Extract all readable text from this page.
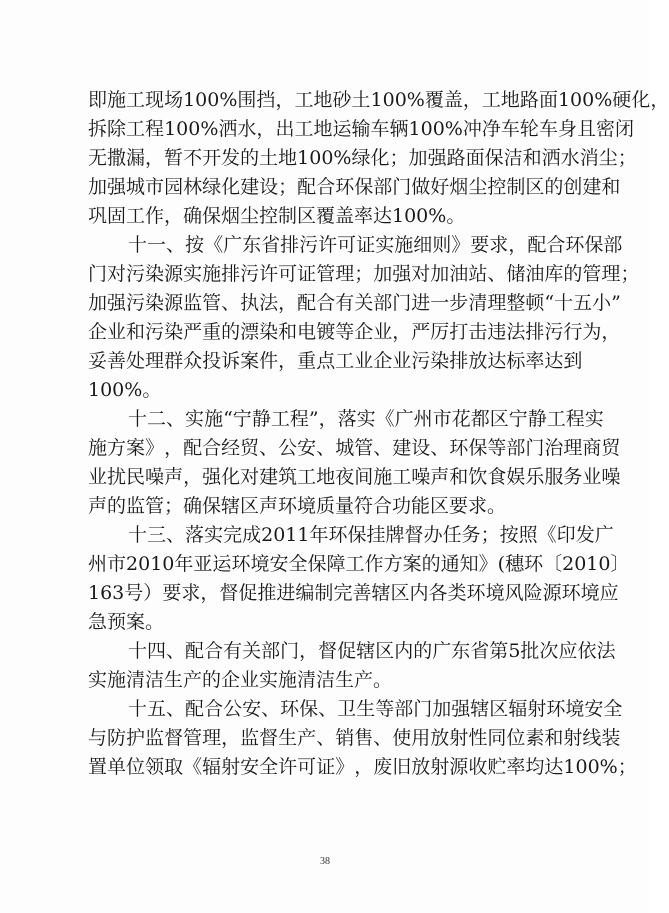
即 施 工 现 场 100% 围 挡 ， 工 地 砂 土 100% 覆 盖 ， 工 地 路 面 100% 硬 化 ，
拆 除 工 程 100% 洒 水 ， 出 工 地 运 输 车 辆 100% 冲 净 车 轮 车 身 且 密 闭
无 撒 漏 ， 暂 不 开 发 的 土 地 100% 绿 化 ； 加 强 路 面 保 洁 和 洒 水 消 尘 ；
加 强 城 市 园 林 绿 化 建 设 ； 配 合 环 保 部 门 做 好 烟 尘 控 制 区 的 创 建 和
巩固工作，确保烟尘控制区覆盖率达100%。
十 一 、 按 《 广 东 省 排 污 许 可 证 实 施 细 则 》 要 求 ， 配 合 环 保 部
门 对 污 染 源 实 施 排 污 许 可 证 管 理 ； 加 强 对 加 油 站 、 储 油 库 的 管 理 ；
加 强 污 染 源 监 管 、 执 法 ， 配 合 有 关 部 门 进 一 步 清 理 整 顿 “ 十 五 小 ”
企 业 和 污 染 严 重 的 漂 染 和 电 镀 等 企 业 ， 严 厉 打 击 违 法 排 污 行 为 ，
妥 善 处 理 群 众 投 诉 案 件 ， 重 点 工 业 企 业 污 染 排 放 达 标 率 达 到
100%。
十 二 、 实 施 “ 宁 静 工 程 ” ， 落 实 《 广 州 市 花 都 区 宁 静 工 程 实
施 方 案 》 ， 配 合 经 贸 、 公 安 、 城 管 、 建 设 、 环 保 等 部 门 治 理 商 贸
业 扰 民 噪 声 ， 强 化 对 建 筑 工 地 夜 间 施 工 噪 声 和 饮 食 娱 乐 服 务 业 噪
声的监管；确保辖区声环境质量符合功能区要求。
十 三 、 落 实 完 成 2011 年 环 保 挂 牌 督 办 任 务 ； 按 照 《 印 发 广
州 市 2010 年 亚 运 环 境 安 全 保 障 工 作 方 案 的 通 知 》 ( 穗 环 〔 2010 〕
163 号 ） 要 求 ， 督 促 推 进 编 制 完 善 辖 区 内 各 类 环 境 风 险 源 环 境 应
急预案。
十 四 、 配 合 有 关 部 门 ， 督 促 辖 区 内 的 广 东 省 第 5 批 次 应 依 法
实施清洁生产的企业实施清洁生产。
十 五 、 配 合 公 安 、 环 保 、 卫 生 等 部 门 加 强 辖 区 辐 射 环 境 安 全
与 防 护 监 督 管 理 ， 监 督 生 产 、 销 售 、 使 用 放 射 性 同 位 素 和 射 线 装
置 单 位 领 取 《 辐 射 安 全 许 可 证 》 ， 废 旧 放 射 源 收 贮 率 均 达 100% ；
38
